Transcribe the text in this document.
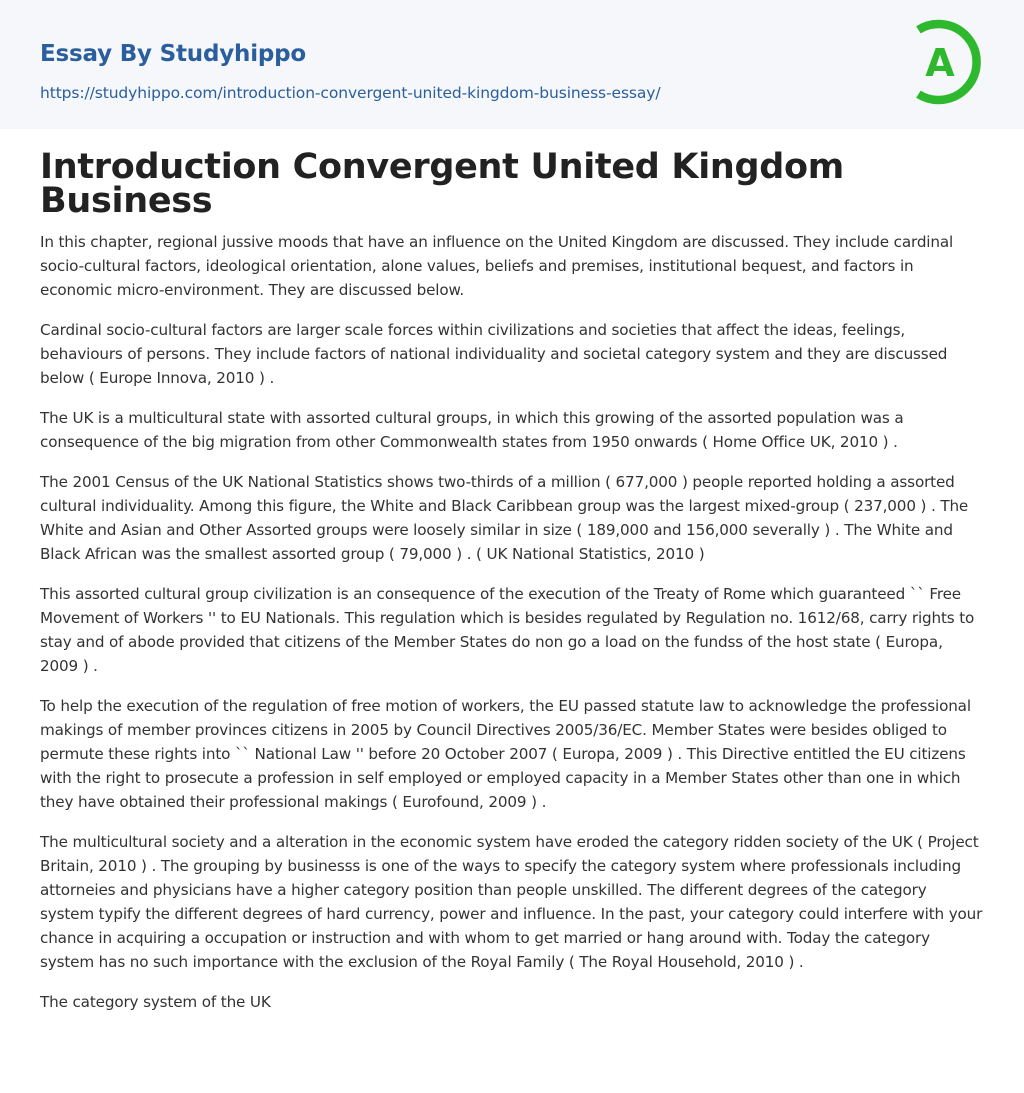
Essay By Studyhippo
https://studyhippo.com/introduction-convergent-united-kingdom-business-essay/
A
Introduction Convergent United Kingdom Business

In this chapter, regional jussive moods that have an influence on the United Kingdom are discussed. They include cardinal socio-cultural factors, ideological orientation, alone values, beliefs and premises, institutional bequest, and factors in economic micro-environment. They are discussed below.

Cardinal socio-cultural factors are larger scale forces within civilizations and societies that affect the ideas, feelings, behaviours of persons. They include factors of national individuality and societal category system and they are discussed below ( Europe Innova, 2010 ) .

The UK is a multicultural state with assorted cultural groups, in which this growing of the assorted population was a consequence of the big migration from other Commonwealth states from 1950 onwards ( Home Office UK, 2010 ) .

The 2001 Census of the UK National Statistics shows two-thirds of a million ( 677,000 ) people reported holding a assorted cultural individuality. Among this figure, the White and Black Caribbean group was the largest mixed-group ( 237,000 ) . The White and Asian and Other Assorted groups were loosely similar in size ( 189,000 and 156,000 severally ) . The White and Black African was the smallest assorted group ( 79,000 ) . ( UK National Statistics, 2010 )

This assorted cultural group civilization is an consequence of the execution of the Treaty of Rome which guaranteed `` Free Movement of Workers '' to EU Nationals. This regulation which is besides regulated by Regulation no. 1612/68, carry rights to stay and of abode provided that citizens of the Member States do non go a load on the fundss of the host state ( Europa, 2009 ) .

To help the execution of the regulation of free motion of workers, the EU passed statute law to acknowledge the professional makings of member provinces citizens in 2005 by Council Directives 2005/36/EC. Member States were besides obliged to permute these rights into `` National Law '' before 20 October 2007 ( Europa, 2009 ) . This Directive entitled the EU citizens with the right to prosecute a profession in self employed or employed capacity in a Member States other than one in which they have obtained their professional makings ( Eurofound, 2009 ) .

The multicultural society and a alteration in the economic system have eroded the category ridden society of the UK ( Project Britain, 2010 ) . The grouping by businesss is one of the ways to specify the category system where professionals including attorneies and physicians have a higher category position than people unskilled. The different degrees of the category system typify the different degrees of hard currency, power and influence. In the past, your category could interfere with your chance in acquiring a occupation or instruction and with whom to get married or hang around with. Today the category system has no such importance with the exclusion of the Royal Family ( The Royal Household, 2010 ) .

The category system of the UK
